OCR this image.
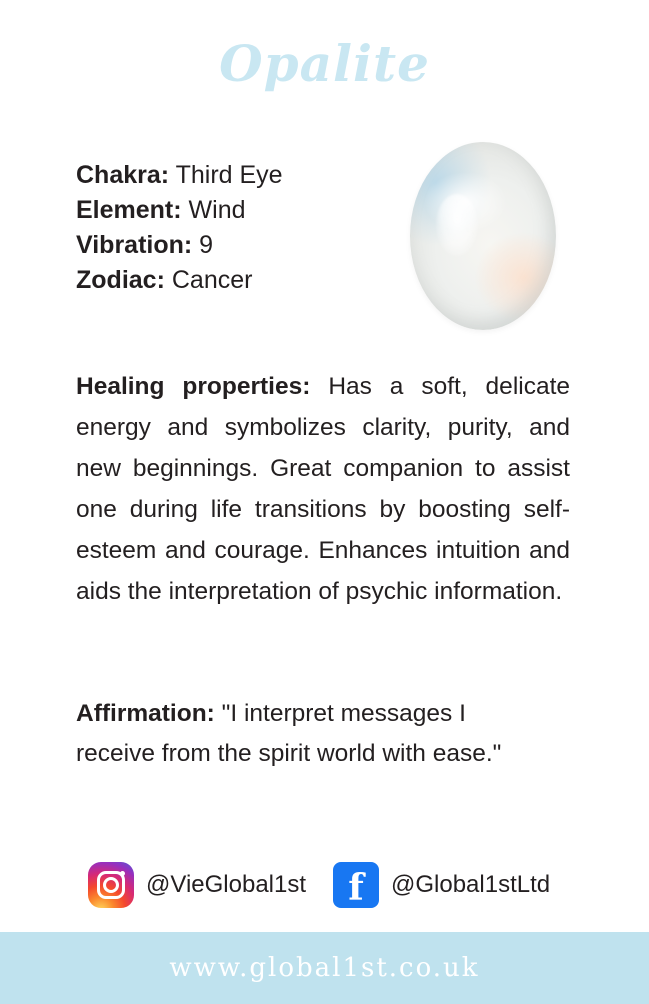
Opalite
Chakra: Third Eye
Element: Wind
Vibration: 9
Zodiac: Cancer
Healing properties: Has a soft, delicate energy and symbolizes clarity, purity, and new beginnings. Great companion to assist one during life transitions by boosting self-esteem and courage. Enhances intuition and aids the interpretation of psychic information.
Affirmation: "I interpret messages I receive from the spirit world with ease."
@VieGlobal1st	f	@Global1stLtd
www.global1st.co.uk
